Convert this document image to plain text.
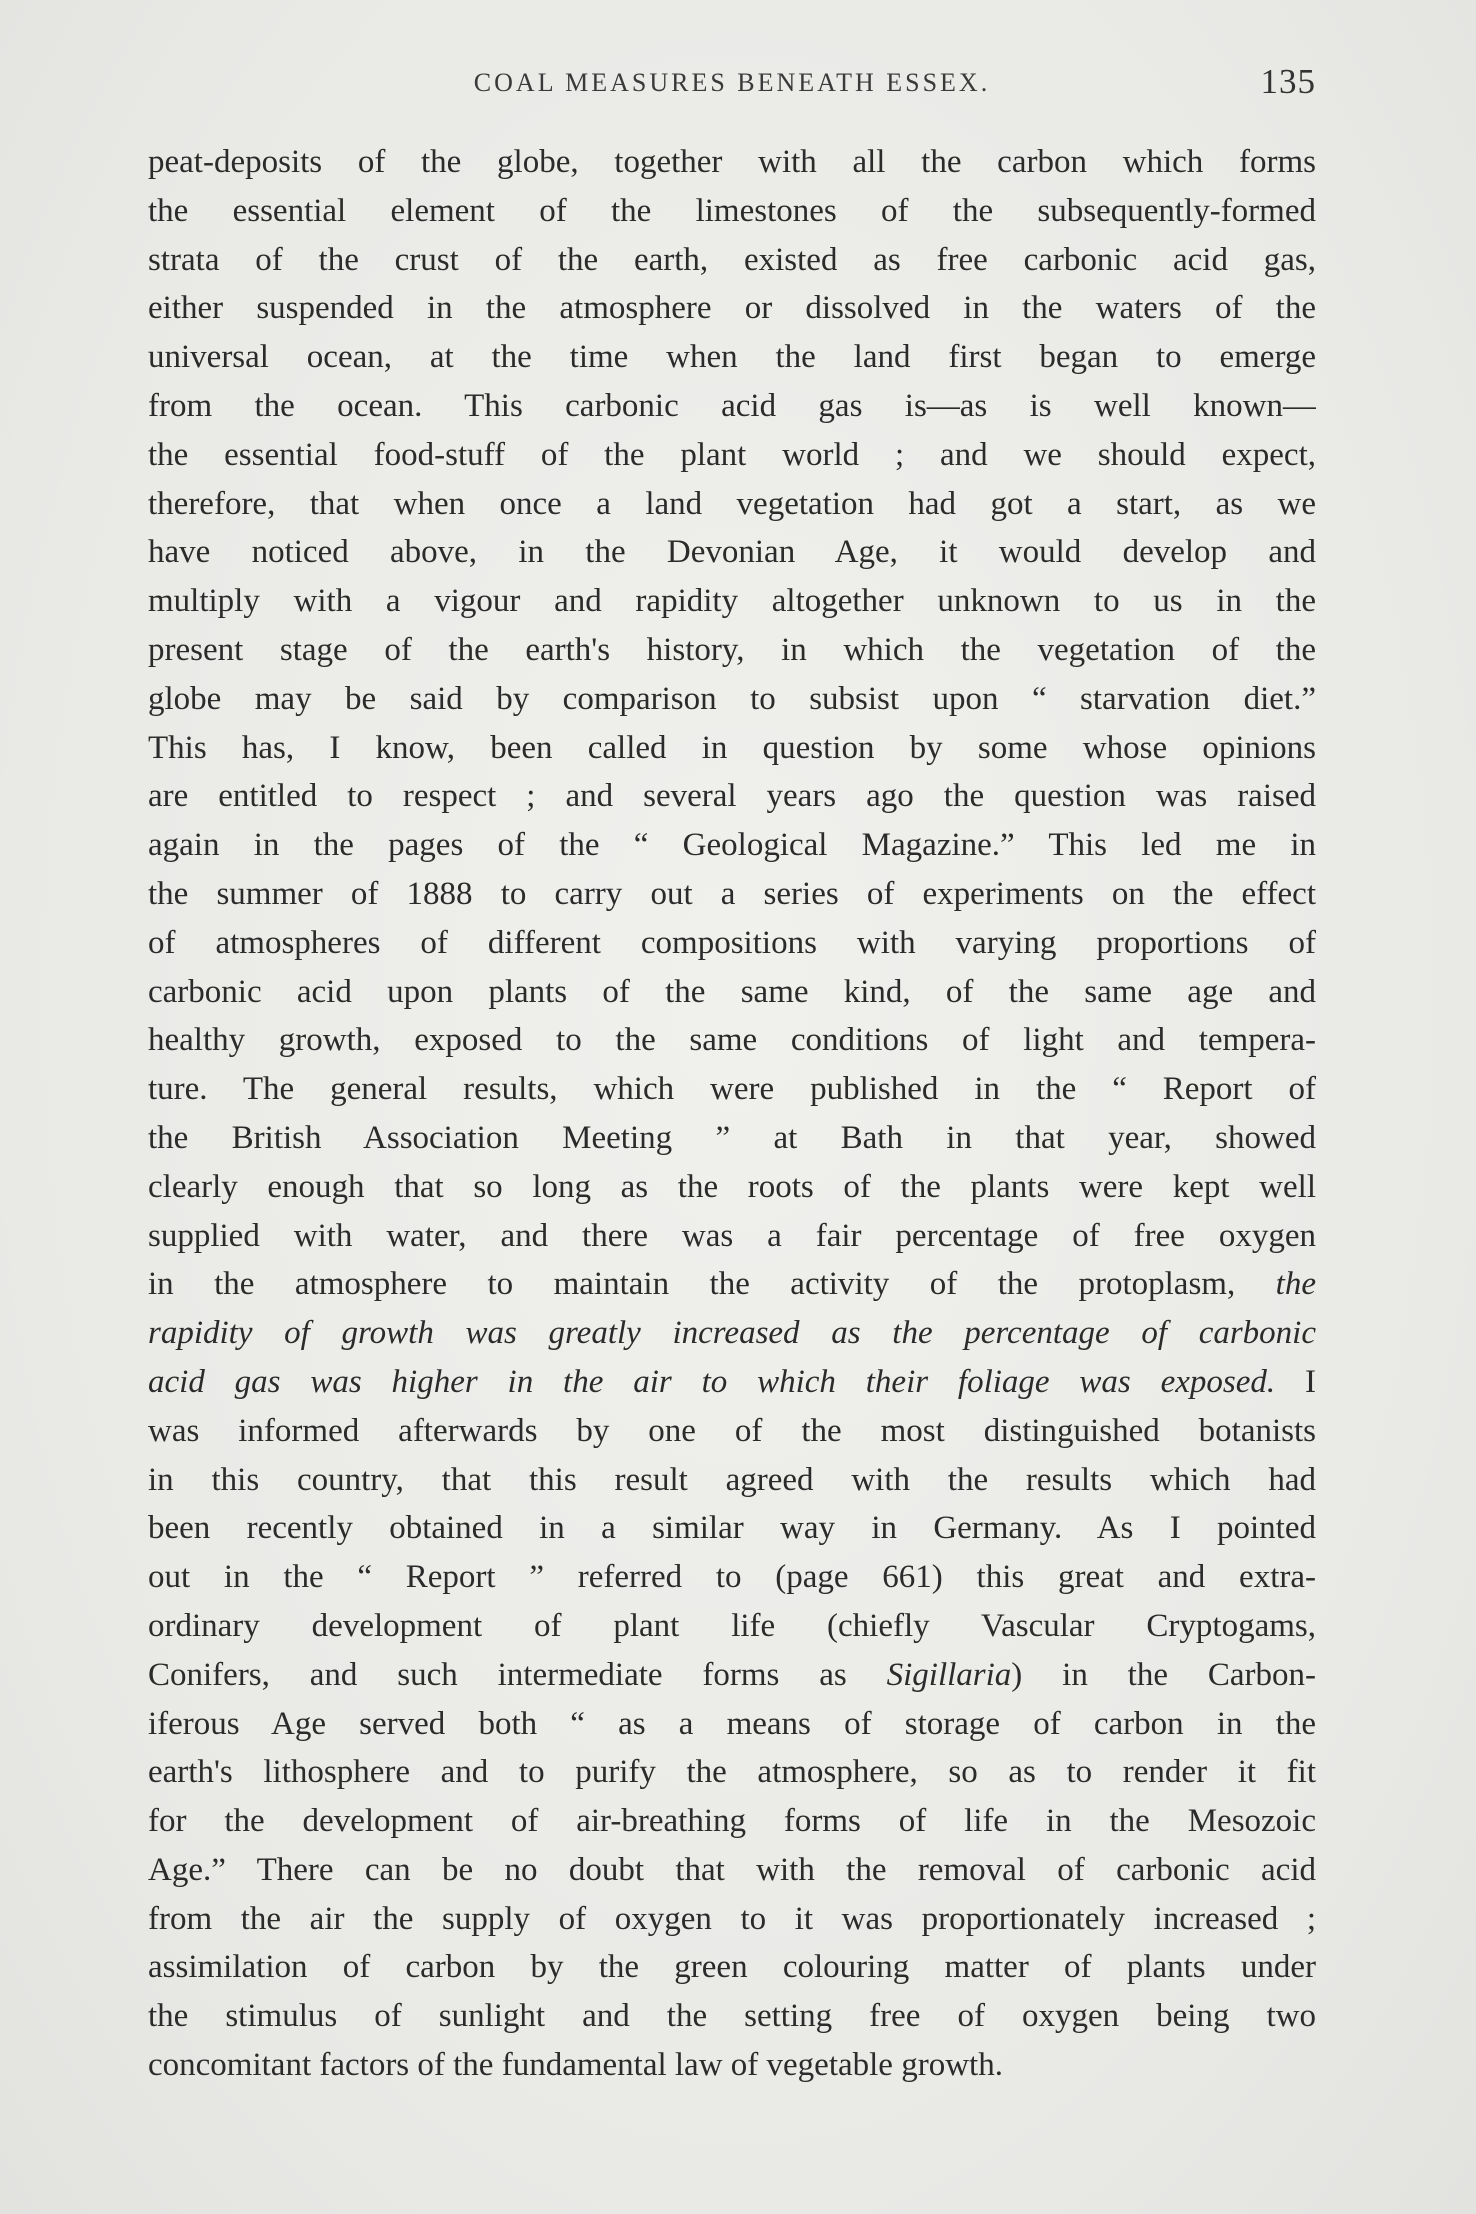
COAL MEASURES BENEATH ESSEX.	135
peat-deposits of the globe, together with all the carbon which forms
the essential element of the limestones of the subsequently-formed
strata of the crust of the earth, existed as free carbonic acid gas,
either suspended in the atmosphere or dissolved in the waters of the
universal ocean, at the time when the land first began to emerge
from the ocean. This carbonic acid gas is—as is well known—
the essential food-stuff of the plant world ; and we should expect,
therefore, that when once a land vegetation had got a start, as we
have noticed above, in the Devonian Age, it would develop and
multiply with a vigour and rapidity altogether unknown to us in the
present stage of the earth's history, in which the vegetation of the
globe may be said by comparison to subsist upon “ starvation diet.”
This has, I know, been called in question by some whose opinions
are entitled to respect ; and several years ago the question was raised
again in the pages of the “ Geological Magazine.” This led me in
the summer of 1888 to carry out a series of experiments on the effect
of atmospheres of different compositions with varying proportions of
carbonic acid upon plants of the same kind, of the same age and
healthy growth, exposed to the same conditions of light and tempera-
ture. The general results, which were published in the “ Report of
the British Association Meeting ” at Bath in that year, showed
clearly enough that so long as the roots of the plants were kept well
supplied with water, and there was a fair percentage of free oxygen
in the atmosphere to maintain the activity of the protoplasm, the
rapidity of growth was greatly increased as the percentage of carbonic
acid gas was higher in the air to which their foliage was exposed. I
was informed afterwards by one of the most distinguished botanists
in this country, that this result agreed with the results which had
been recently obtained in a similar way in Germany. As I pointed
out in the “ Report ” referred to (page 661) this great and extra-
ordinary development of plant life (chiefly Vascular Cryptogams,
Conifers, and such intermediate forms as Sigillaria) in the Carbon-
iferous Age served both “ as a means of storage of carbon in the
earth's lithosphere and to purify the atmosphere, so as to render it fit
for the development of air-breathing forms of life in the Mesozoic
Age.” There can be no doubt that with the removal of carbonic acid
from the air the supply of oxygen to it was proportionately increased ;
assimilation of carbon by the green colouring matter of plants under
the stimulus of sunlight and the setting free of oxygen being two
concomitant factors of the fundamental law of vegetable growth.
